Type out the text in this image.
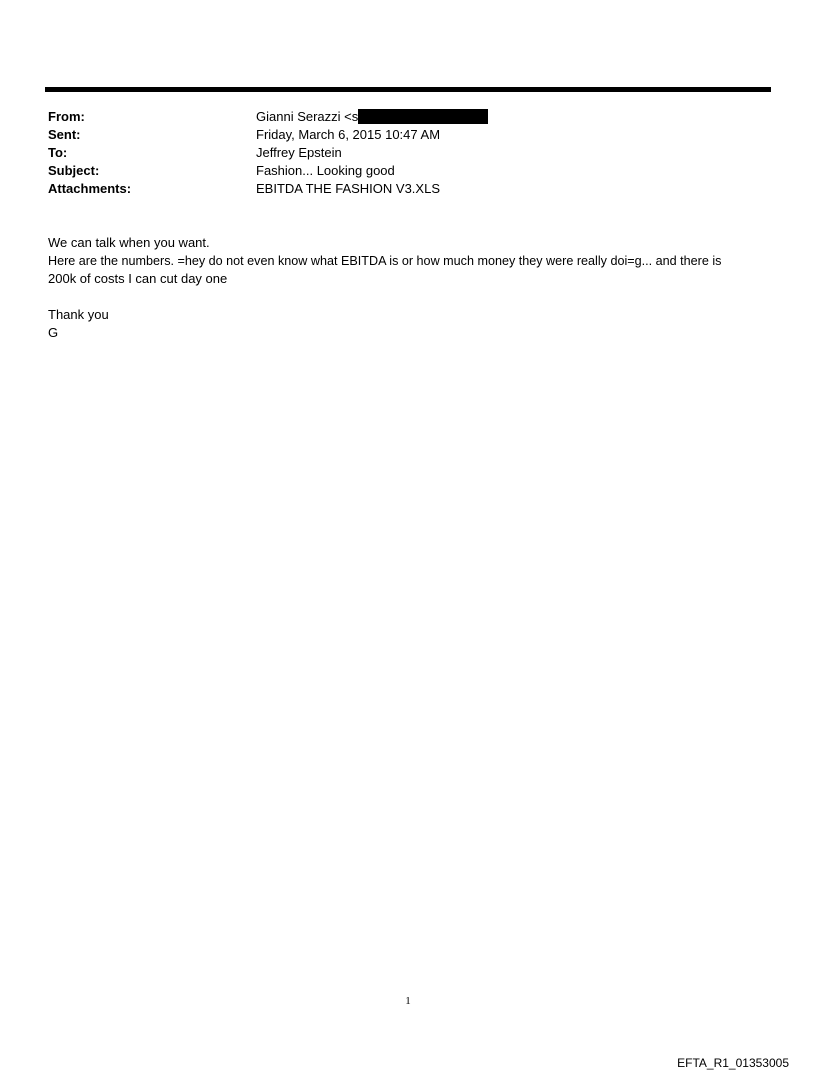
From:	Gianni Serazzi <s
Sent:	Friday, March 6, 2015 10:47 AM
To:	Jeffrey Epstein
Subject:	Fashion... Looking good
Attachments:	EBITDA THE FASHION V3.XLS
We can talk when you want.
Here are the numbers. =hey do not even know what EBITDA is or how much money they were really doi=g... and there is
200k of costs I can cut day one
Thank you
G
1
EFTA_R1_01353005
